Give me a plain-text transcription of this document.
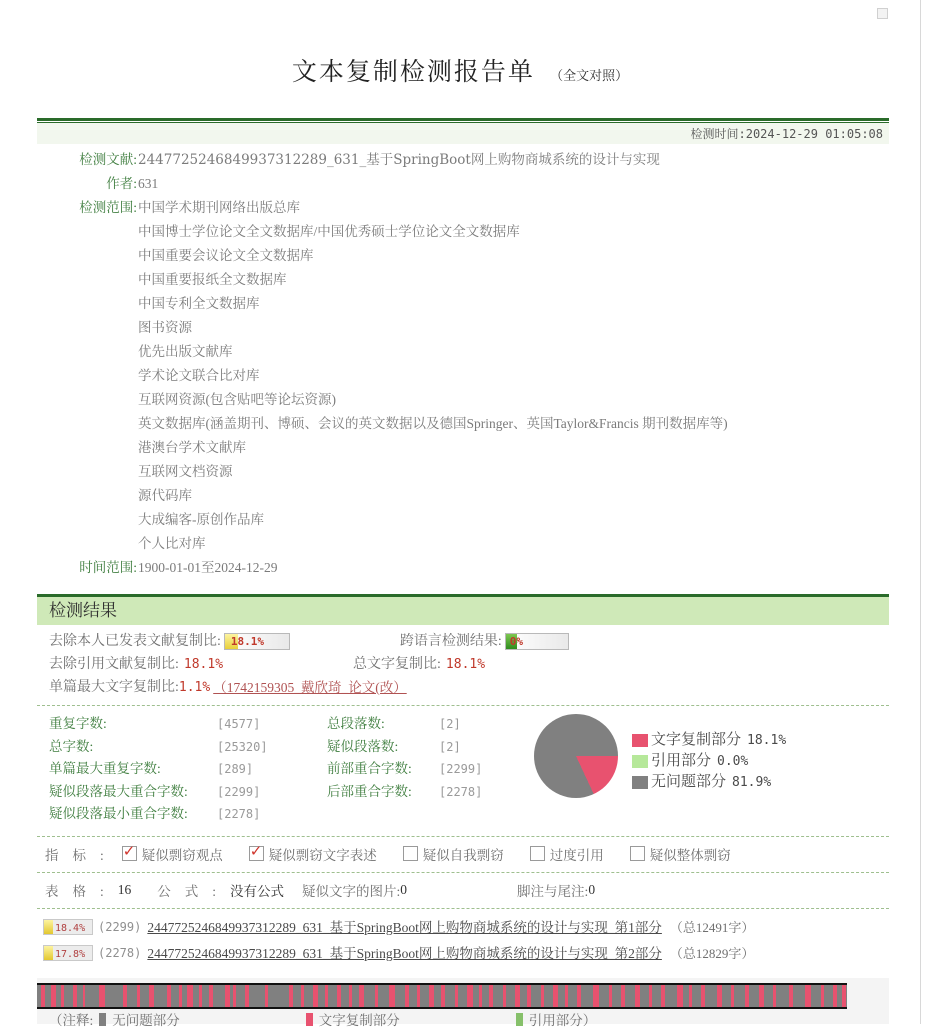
文本复制检测报告单 （全文对照）
检测时间:2024-12-29 01:05:08
检测文献: 2447725246849937312289_631_基于SpringBoot网上购物商城系统的设计与实现
作者: 631
检测范围: 中国学术期刊网络出版总库
中国博士学位论文全文数据库/中国优秀硕士学位论文全文数据库
中国重要会议论文全文数据库
中国重要报纸全文数据库
中国专利全文数据库
图书资源
优先出版文献库
学术论文联合比对库
互联网资源(包含贴吧等论坛资源)
英文数据库(涵盖期刊、博硕、会议的英文数据以及德国Springer、英国Taylor&Francis 期刊数据库等)
港澳台学术文献库
互联网文档资源
源代码库
大成编客-原创作品库
个人比对库
时间范围: 1900-01-01至2024-12-29
检测结果
去除本人已发表文献复制比: 18.1%	跨语言检测结果: 0%
去除引用文献复制比: 18.1%	总文字复制比: 18.1%
单篇最大文字复制比: 1.1% （1742159305_戴欣琦_论文(改）
重复字数:	[4577]	总段落数:	[2]
总字数:	[25320]	疑似段落数:	[2]
单篇最大重复字数:	[289]	前部重合字数:	[2299]
疑似段落最大重合字数:	[2299]	后部重合字数:	[2278]
疑似段落最小重合字数:	[2278]
文字复制部分 18.1%
引用部分 0.0%
无问题部分 81.9%
指标: ✓ 疑似剽窃观点 ✓	疑似剽窃文字表述	疑似自我剽窃	过度引用	疑似整体剽窃
表格: 16 公式: 没有公式 疑似文字的图片: 0	脚注与尾注: 0
18.4%	(2299) 2447725246849937312289_631_基于SpringBoot网上购物商城系统的设计与实现_第1部分 （总12491字）
17.8%	(2278) 2447725246849937312289_631_基于SpringBoot网上购物商城系统的设计与实现_第2部分 （总12829字）
（注释: 无问题部分	文字复制部分	引用部分）
